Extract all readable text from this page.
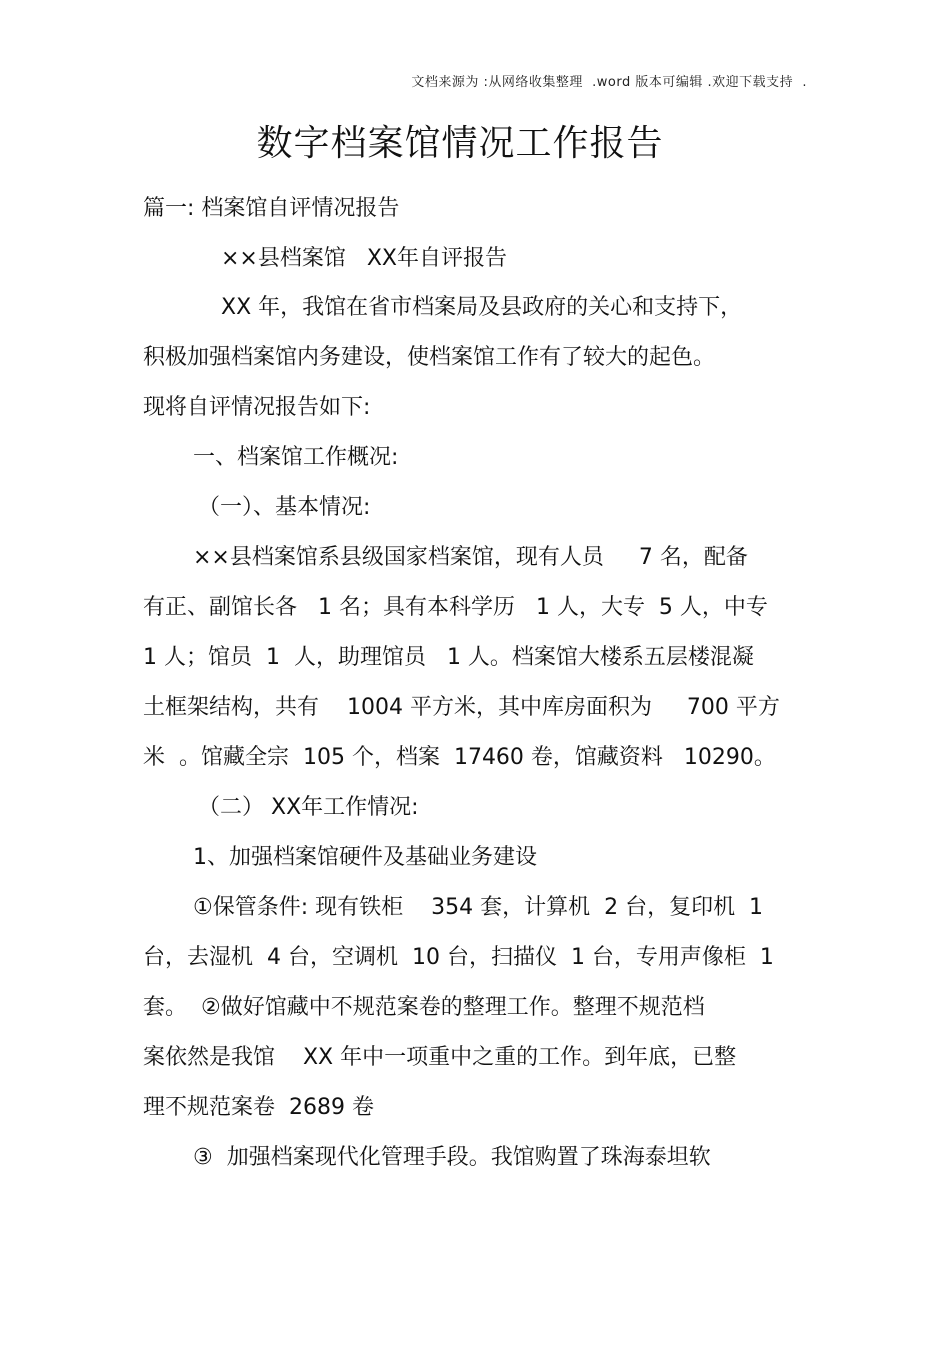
文档来源为 :从网络收集整理  .word 版本可编辑 .欢迎下载支持  .
数字档案馆情况工作报告
篇一: 档案馆自评情况报告
××县档案馆   XX年自评报告
XX 年，我馆在省市档案局及县政府的关心和支持下，
积极加强档案馆内务建设，使档案馆工作有了较大的起色。
现将自评情况报告如下:
一、档案馆工作概况:
（一）、基本情况:
××县档案馆系县级国家档案馆，现有人员     7 名，配备
有正、副馆长各   1 名；具有本科学历   1 人，大专  5 人，中专
1 人；馆员  1  人，助理馆员   1 人。档案馆大楼系五层楼混凝
土框架结构，共有    1004 平方米，其中库房面积为     700 平方
米  。馆藏全宗  105 个，档案  17460 卷，馆藏资料   10290。
（二） XX年工作情况:
1、加强档案馆硬件及基础业务建设
①保管条件: 现有铁柜    354 套，计算机  2 台，复印机  1
台，去湿机  4 台，空调机  10 台，扫描仪  1 台，专用声像柜  1
套。  ②做好馆藏中不规范案卷的整理工作。整理不规范档
案依然是我馆    XX 年中一项重中之重的工作。到年底，已整
理不规范案卷  2689 卷
③  加强档案现代化管理手段。我馆购置了珠海泰坦软
